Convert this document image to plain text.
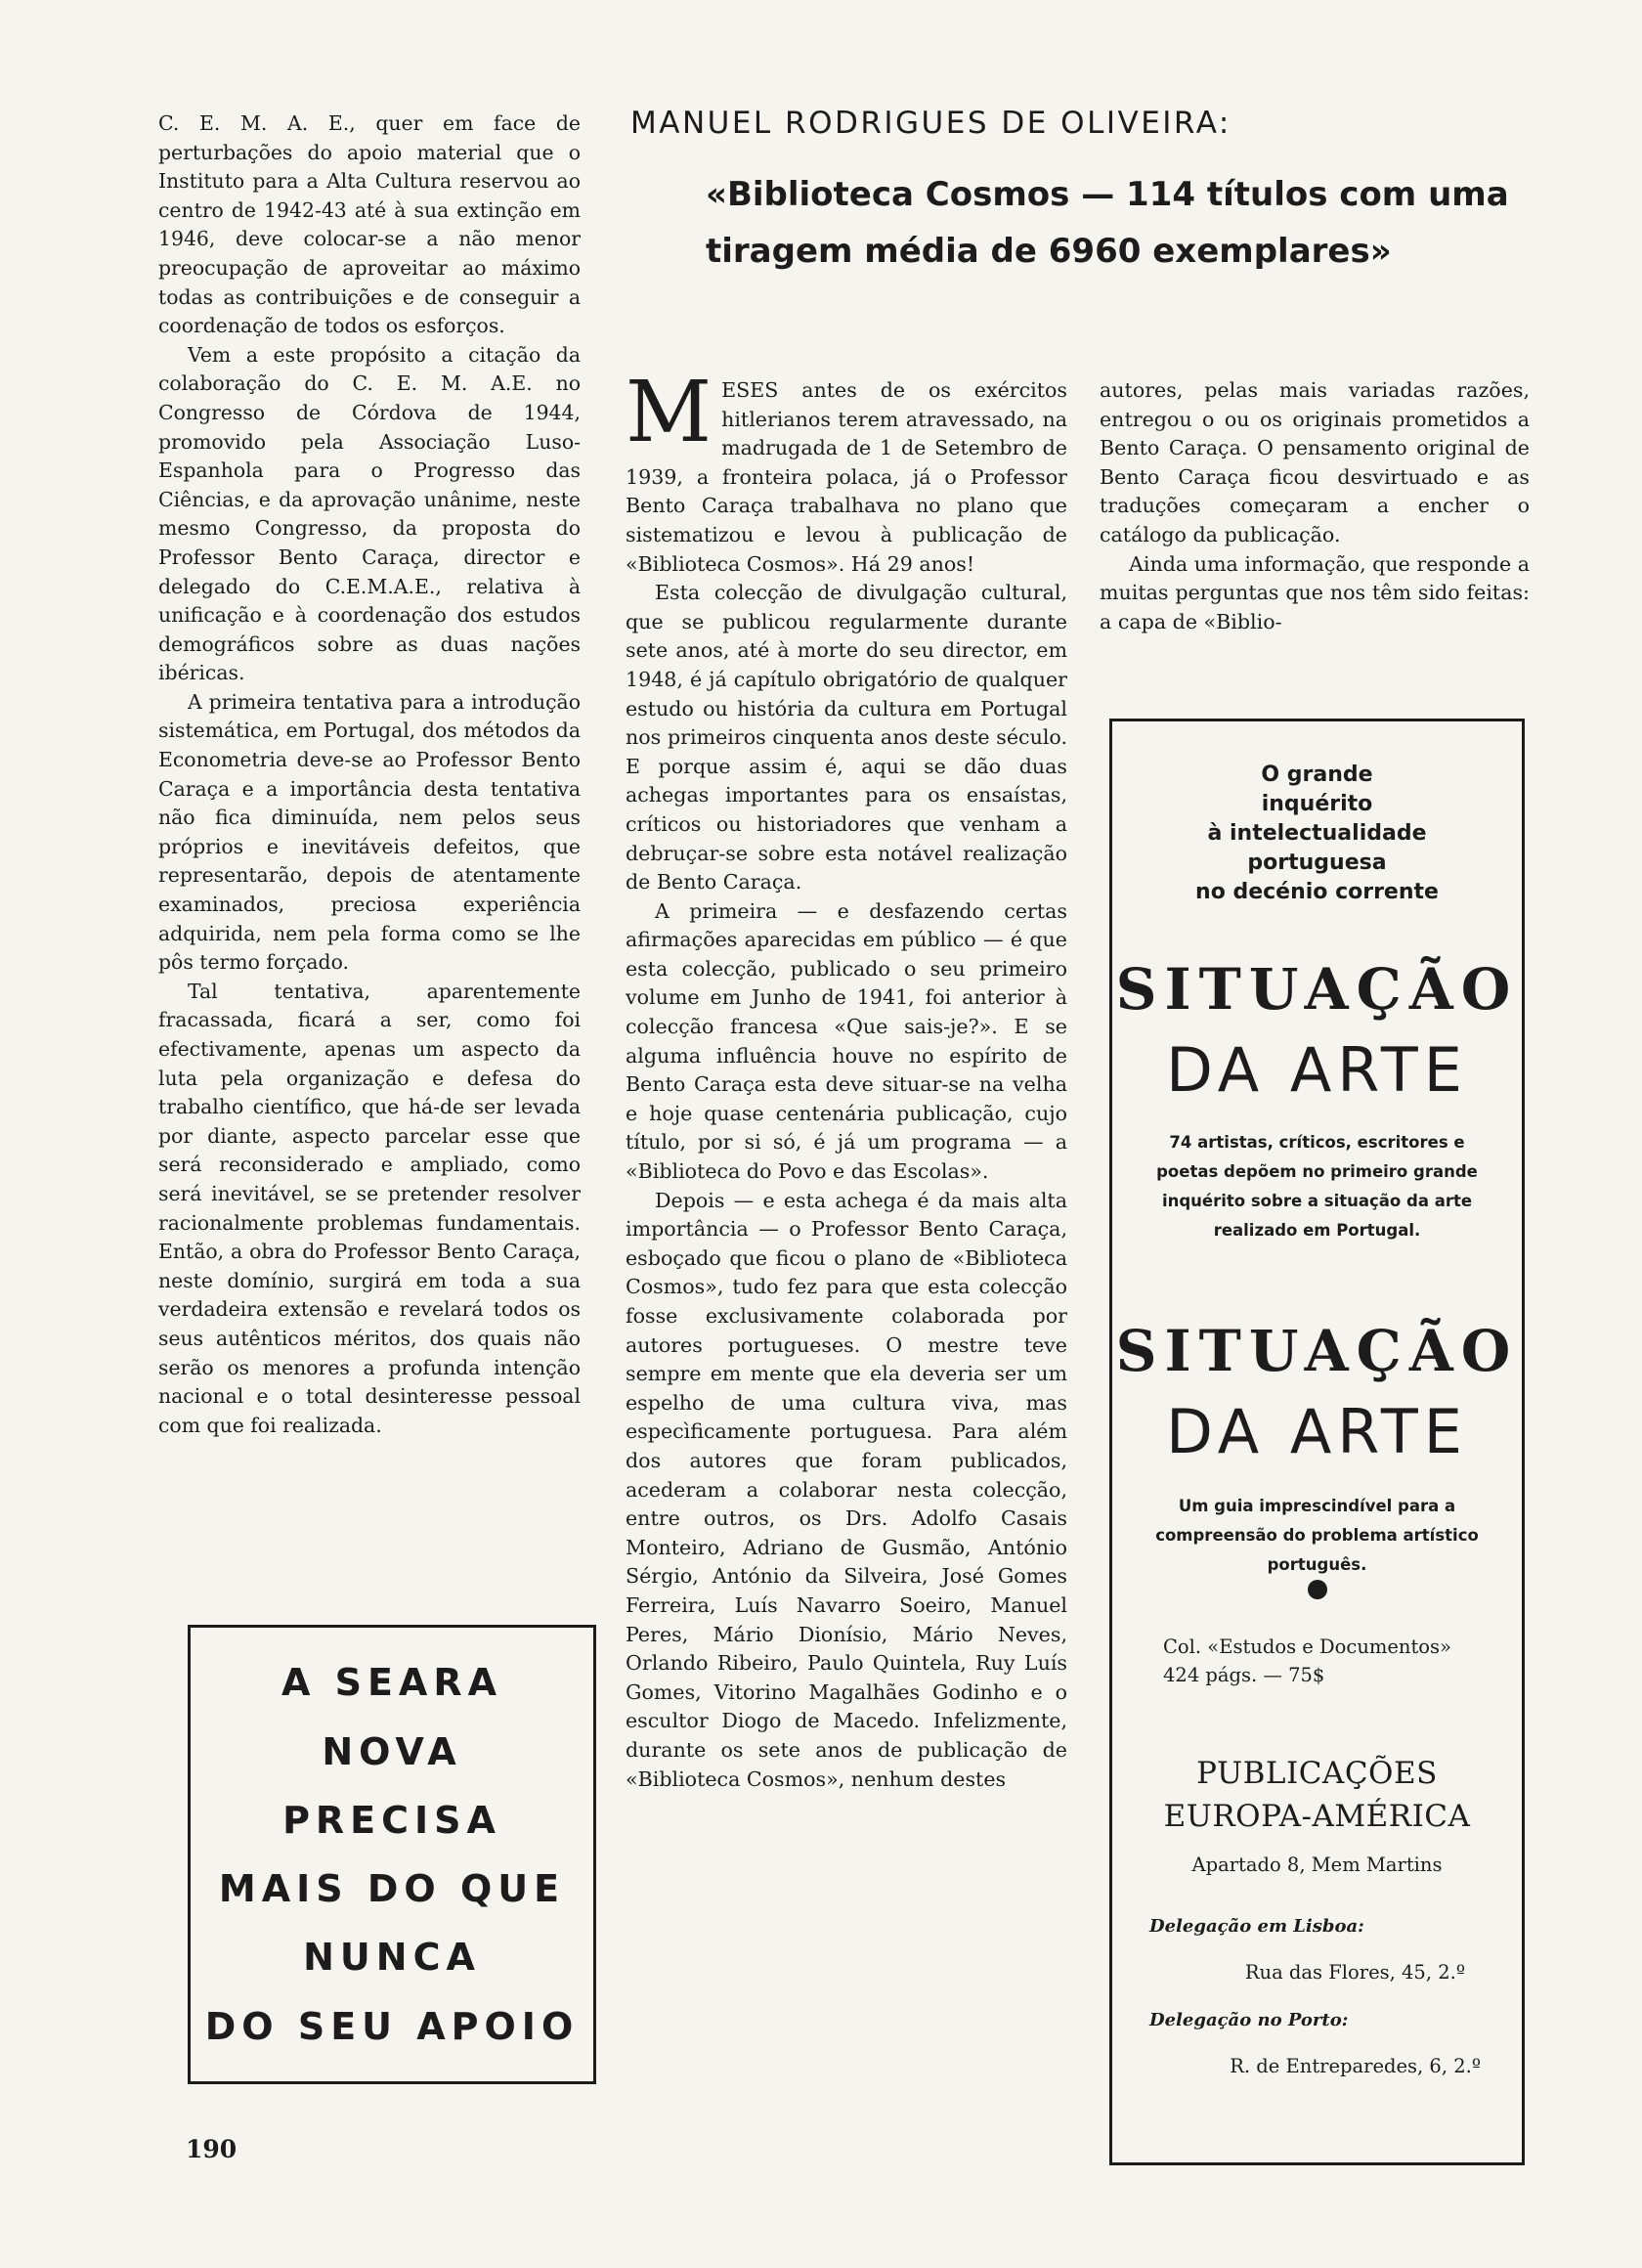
C. E. M. A. E., quer em face de perturbações do apoio material que o Instituto para a Alta Cultura reservou ao centro de 1942-43 até à sua extinção em 1946, deve colocar-se a não menor preocupação de aproveitar ao máximo todas as contribuições e de conseguir a coordenação de todos os esforços.

Vem a este propósito a citação da colaboração do C. E. M. A.E. no Congresso de Córdova de 1944, promovido pela Associação Luso-Espanhola para o Progresso das Ciências, e da aprovação unânime, neste mesmo Congresso, da proposta do Professor Bento Caraça, director e delegado do C.E.M.A.E., relativa à unificação e à coordenação dos estudos demográficos sobre as duas nações ibéricas.

A primeira tentativa para a introdução sistemática, em Portugal, dos métodos da Econometria deve-se ao Professor Bento Caraça e a importância desta tentativa não fica diminuída, nem pelos seus próprios e inevitáveis defeitos, que representarão, depois de atentamente examinados, preciosa experiência adquirida, nem pela forma como se lhe pôs termo forçado.

Tal tentativa, aparentemente fracassada, ficará a ser, como foi efectivamente, apenas um aspecto da luta pela organização e defesa do trabalho científico, que há-de ser levada por diante, aspecto parcelar esse que será reconsiderado e ampliado, como será inevitável, se se pretender resolver racionalmente problemas fundamentais. Então, a obra do Professor Bento Caraça, neste domínio, surgirá em toda a sua verdadeira extensão e revelará todos os seus autênticos méritos, dos quais não serão os menores a profunda intenção nacional e o total desinteresse pessoal com que foi realizada.

A SEARA
NOVA
PRECISA
MAIS DO QUE
NUNCA
DO SEU APOIO
190
MANUEL RODRIGUES DE OLIVEIRA:
«Biblioteca Cosmos — 114 títulos com uma
tiragem média de 6960 exemplares»

MESES antes de os exércitos hitlerianos terem atravessado, na madrugada de 1 de Setembro de 1939, a fronteira polaca, já o Professor Bento Caraça trabalhava no plano que sistematizou e levou à publicação de «Biblioteca Cosmos». Há 29 anos!

Esta colecção de divulgação cultural, que se publicou regularmente durante sete anos, até à morte do seu director, em 1948, é já capítulo obrigatório de qualquer estudo ou história da cultura em Portugal nos primeiros cinquenta anos deste século. E porque assim é, aqui se dão duas achegas importantes para os ensaístas, críticos ou historiadores que venham a debruçar-se sobre esta notável realização de Bento Caraça.

A primeira — e desfazendo certas afirmações aparecidas em público — é que esta colecção, publicado o seu primeiro volume em Junho de 1941, foi anterior à colecção francesa «Que sais-je?». E se alguma influência houve no espírito de Bento Caraça esta deve situar-se na velha e hoje quase centenária publicação, cujo título, por si só, é já um programa — a «Biblioteca do Povo e das Escolas».

Depois — e esta achega é da mais alta importância — o Professor Bento Caraça, esboçado que ficou o plano de «Biblioteca Cosmos», tudo fez para que esta colecção fosse exclusivamente colaborada por autores portugueses. O mestre teve sempre em mente que ela deveria ser um espelho de uma cultura viva, mas especìficamente portuguesa. Para além dos autores que foram publicados, acederam a colaborar nesta colecção, entre outros, os Drs. Adolfo Casais Monteiro, Adriano de Gusmão, António Sérgio, António da Silveira, José Gomes Ferreira, Luís Navarro Soeiro, Manuel Peres, Mário Dionísio, Mário Neves, Orlando Ribeiro, Paulo Quintela, Ruy Luís Gomes, Vitorino Magalhães Godinho e o escultor Diogo de Macedo. Infelizmente, durante os sete anos de publicação de «Biblioteca Cosmos», nenhum destes

autores, pelas mais variadas razões, entregou o ou os originais prometidos a Bento Caraça. O pensamento original de Bento Caraça ficou desvirtuado e as traduções começaram a encher o catálogo da publicação.

Ainda uma informação, que responde a muitas perguntas que nos têm sido feitas: a capa de «Biblio-

O grande
inquérito
à intelectualidade
portuguesa
no decénio corrente
SITUAÇÃO
DA ARTE
74 artistas, críticos, escritores e poetas depõem no primeiro grande inquérito sobre a situação da arte realizado em Portugal.
SITUAÇÃO
DA ARTE
Um guia imprescindível para a compreensão do problema artístico português.
Col. «Estudos e Documentos»
424 págs. — 75$
PUBLICAÇÕES
EUROPA-AMÉRICA
Apartado 8, Mem Martins
Delegação em Lisboa:
Rua das Flores, 45, 2.º
Delegação no Porto:
R. de Entreparedes, 6, 2.º
